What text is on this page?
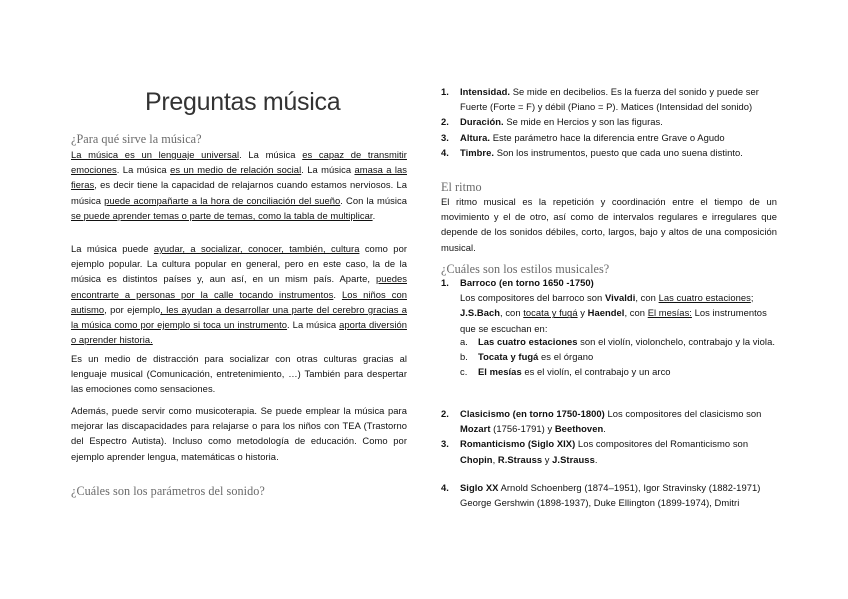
Preguntas música
¿Para qué sirve la música?
La música es un lenguaje universal. La música es capaz de transmitir emociones. La música es un medio de relación social. La música amasa a las fieras, es decir tiene la capacidad de relajarnos cuando estamos nerviosos. La música puede acompañarte a la hora de conciliación del sueño. Con la música se puede aprender temas o parte de temas, como la tabla de multiplicar.
La música puede ayudar, a socializar, conocer, también, cultura como por ejemplo popular. La cultura popular en general, pero en este caso, la de la música es distintos países y, aun así, en un mism país. Aparte, puedes encontrarte a personas por la calle tocando instrumentos. Los niños con autismo, por ejemplo, les ayudan a desarrollar una parte del cerebro gracias a la música como por ejemplo si toca un instrumento. La música aporta diversión o aprender historia.
Es un medio de distracción para socializar con otras culturas gracias al lenguaje musical (Comunicación, entretenimiento, …) También para despertar las emociones como sensaciones.
Además, puede servir como musicoterapia. Se puede emplear la música para mejorar las discapacidades para relajarse o para los niños con TEA (Trastorno del Espectro Autista). Incluso como metodología de educación. Como por ejemplo aprender lengua, matemáticas o historia.
¿Cuáles son los parámetros del sonido?
1. Intensidad. Se mide en decibelios. Es la fuerza del sonido y puede ser Fuerte (Forte = F) y débil (Piano = P). Matices (Intensidad del sonido)
2. Duración. Se mide en Hercios y son las figuras.
3. Altura. Este parámetro hace la diferencia entre Grave o Agudo
4. Timbre. Son los instrumentos, puesto que cada uno suena distinto.
El ritmo
El ritmo musical es la repetición y coordinación entre el tiempo de un movimiento y el de otro, así como de intervalos regulares e irregulares que depende de los sonidos débiles, corto, largos, bajo y altos de una composición musical.
¿Cuáles son los estilos musicales?
1. Barroco (en torno 1650 -1750)
Los compositores del barroco son Vivaldi, con Las cuatro estaciones; J.S.Bach, con tocata y fugá y Haendel, con El mesías: Los instrumentos que se escuchan en:
a. Las cuatro estaciones son el violín, violonchelo, contrabajo y la viola.
b. Tocata y fugá es el órgano
c. El mesías es el violín, el contrabajo y un arco
2. Clasicismo (en torno 1750-1800) Los compositores del clasicismo son Mozart (1756-1791) y Beethoven.
3. Romanticismo (Siglo XIX) Los compositores del Romanticismo son Chopin, R.Strauss y J.Strauss.
4. Siglo XX Arnold Schoenberg (1874–1951), Igor Stravinsky (1882-1971) George Gershwin (1898-1937), Duke Ellington (1899-1974), Dmitri
